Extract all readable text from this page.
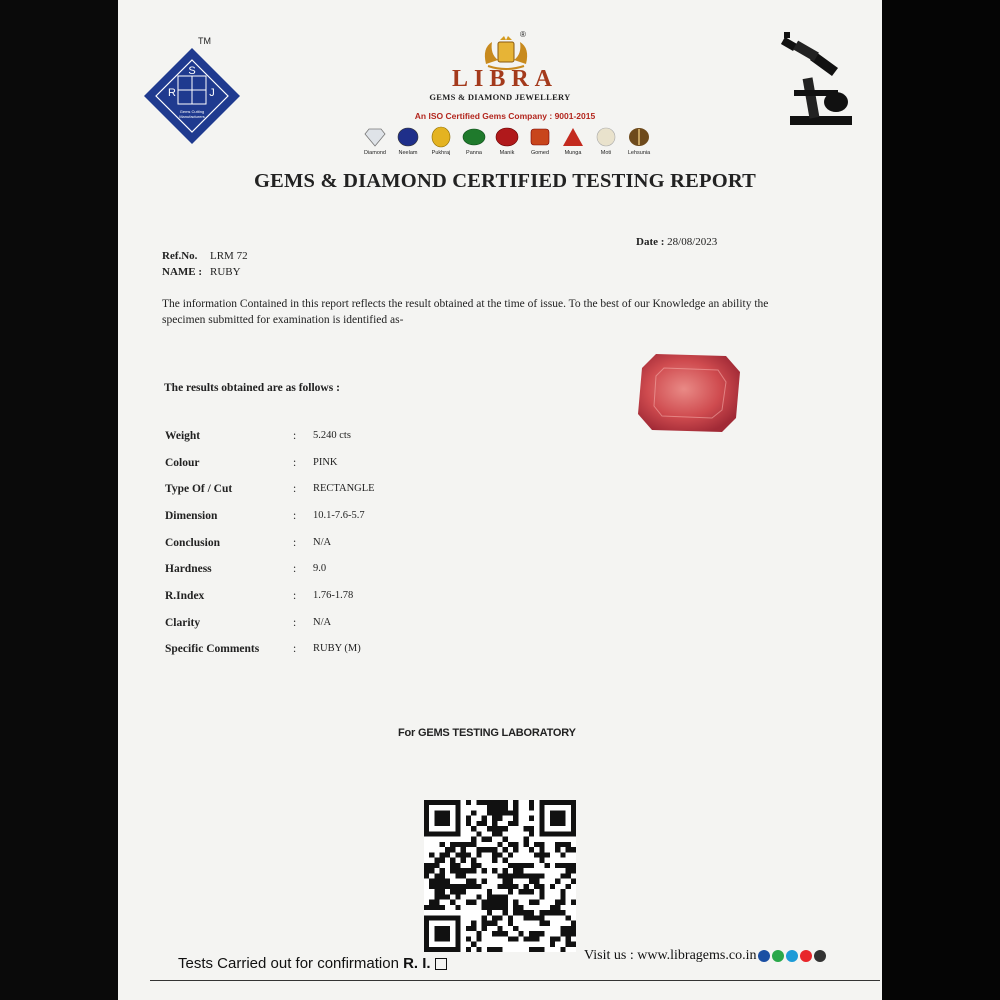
S
R	J
Gems Cutting
Manufacturers
TM
®
LIBRA
GEMS & DIAMOND JEWELLERY
An ISO Certified Gems Company : 9001-2015
Diamond Neelam	Pukhraj	Panna	Manik	Gomed	Munga	Moti	Lehsunia
GEMS & DIAMOND CERTIFIED TESTING REPORT
Date : 28/08/2023
Ref.No. LRM 72
NAME : RUBY
The information Contained in this report reflects the result obtained at the time of issue. To the best of our Knowledge an ability the specimen submitted for examination is identified as-
The results obtained are as follows :
Weight	: 5.240 cts
Colour	: PINK
Type Of / Cut	: RECTANGLE
Dimension	: 10.1-7.6-5.7
Conclusion	: N/A
Hardness	: 9.0
R.Index	: 1.76-1.78
Clarity	: N/A
Specific Comments	: RUBY (M)
For GEMS TESTING LABORATORY
Tests Carried out for confirmation R. I.	Visit us : www.libragems.co.in
